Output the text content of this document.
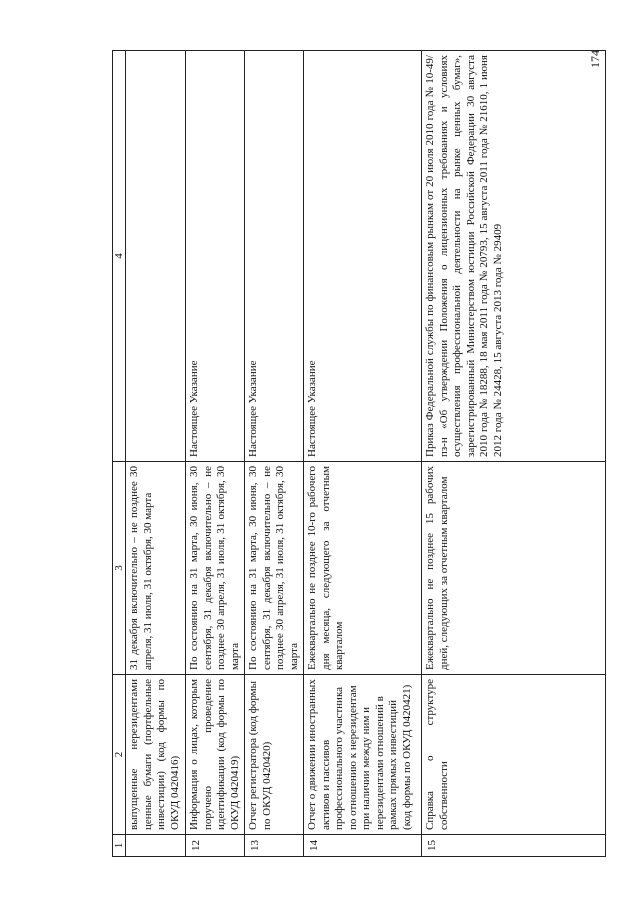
1	2	3	4
	выпущенные нерезидентами ценные бумаги (портфельные инвестиции) (код формы по ОКУД 0420416)	31 декабря включительно – не позднее 30 апреля, 31 июля, 31 октября, 30 марта	
12	Информация о лицах, которым поручено проведение идентификации (код формы по ОКУД 0420419)	По состоянию на 31 марта, 30 июня, 30 сентября, 31 декабря включительно – не позднее 30 апреля, 31 июля, 31 октября, 30 марта	Настоящее Указание
13	Отчет регистратора (код формы по ОКУД 0420420)	По состоянию на 31 марта, 30 июня, 30 сентября, 31 декабря включительно – не позднее 30 апреля, 31 июля, 31 октября, 30 марта	Настоящее Указание
14	Отчет о движении иностранных активов и пассивов профессионального участника по отношению к нерезидентам при наличии между ним и нерезидентами отношений в рамках прямых инвестиций (код формы по ОКУД 0420421)	Ежеквартально не позднее 10-го рабочего дня месяца, следующего за отчетным кварталом	Настоящее Указание
15	Справка о структуре собственности	Ежеквартально не позднее 15 рабочих дней, следующих за отчетным кварталом	Приказ Федеральной службы по финансовым рынкам от 20 июля 2010 года № 10-49/пз-н «Об утверждении Положения о лицензионных требованиях и условиях осуществления профессиональной деятельности на рынке ценных бумаг», зарегистрированный Министерством юстиции Российской Федерации 30 августа 2010 года № 18288, 18 мая 2011 года № 20793, 15 августа 2011 года № 21610, 1 июня 2012 года № 24428, 15 августа 2013 года № 29409
174
